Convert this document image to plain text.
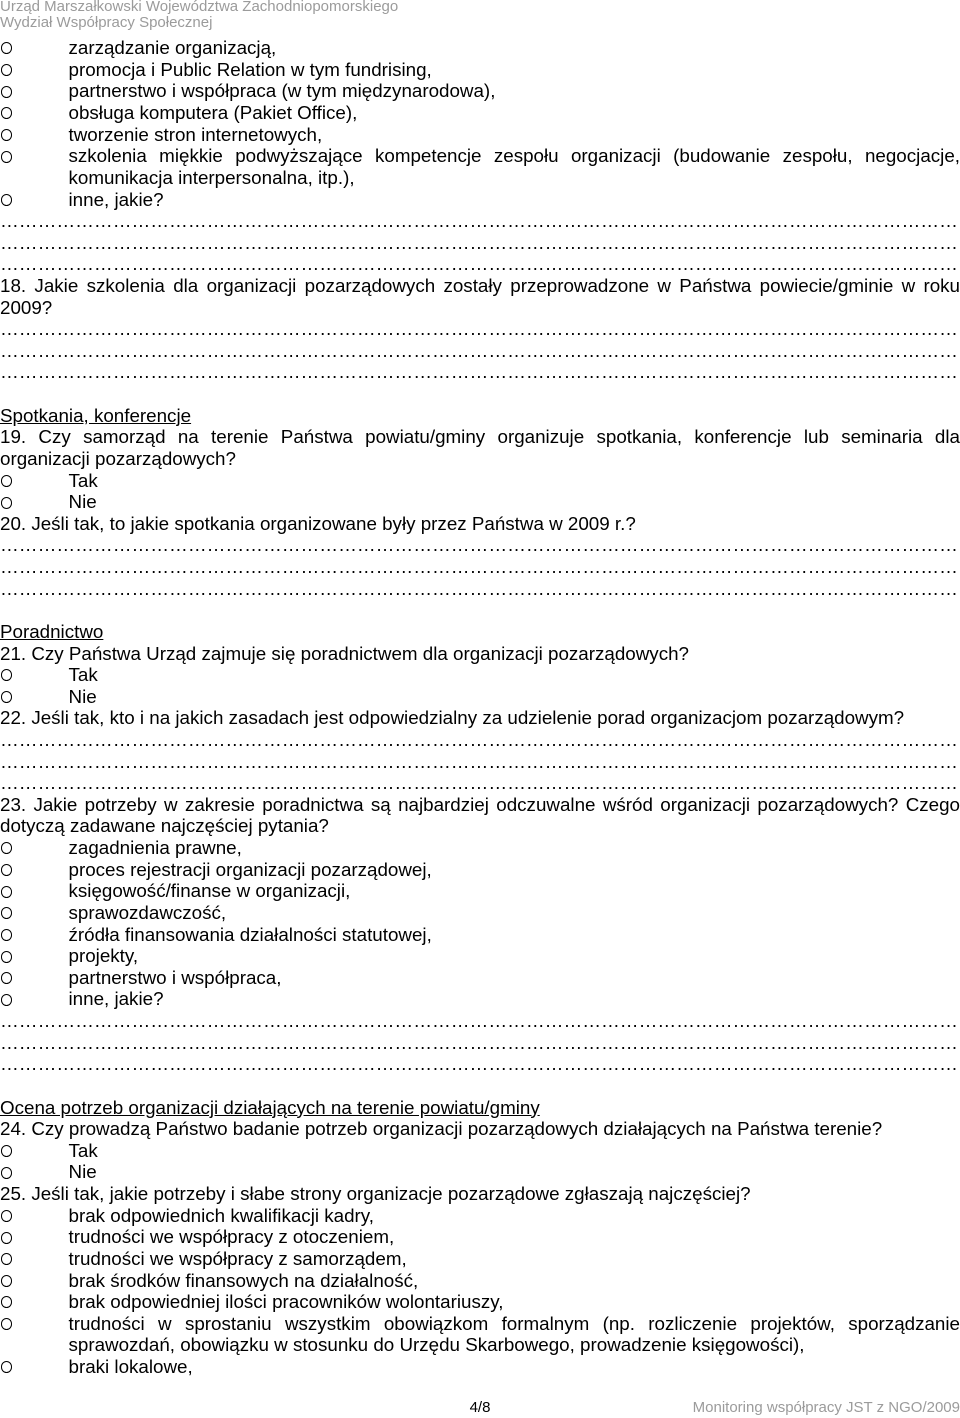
Urząd Marszałkowski Województwa Zachodniopomorskiego
Wydział Współpracy Społecznej
zarządzanie organizacją,
promocja i Public Relation w tym fundrising,
partnerstwo i współpraca (w tym międzynarodowa),
obsługa komputera (Pakiet Office),
tworzenie stron internetowych,
szkolenia miękkie podwyższające kompetencje zespołu organizacji (budowanie zespołu, negocjacje, komunikacja interpersonalna, itp.),
inne, jakie?
………………………………………………………………………………………………………………………………………
………………………………………………………………………………………………………………………………………
………………………………………………………………………………………………………………………………………
18. Jakie szkolenia dla organizacji pozarządowych zostały przeprowadzone w Państwa powiecie/gminie w roku 2009?
………………………………………………………………………………………………………………………………………
………………………………………………………………………………………………………………………………………
………………………………………………………………………………………………………………………………………
Spotkania, konferencje
19. Czy samorząd na terenie Państwa powiatu/gminy organizuje spotkania, konferencje lub seminaria dla organizacji pozarządowych?
Tak
Nie
20. Jeśli tak, to jakie spotkania organizowane były przez Państwa w 2009 r.?
………………………………………………………………………………………………………………………………………
………………………………………………………………………………………………………………………………………
………………………………………………………………………………………………………………………………………
Poradnictwo
21. Czy Państwa Urząd zajmuje się poradnictwem dla organizacji pozarządowych?
Tak
Nie
22. Jeśli tak, kto i na jakich zasadach jest odpowiedzialny za udzielenie porad organizacjom pozarządowym?
………………………………………………………………………………………………………………………………………
………………………………………………………………………………………………………………………………………
………………………………………………………………………………………………………………………………………
23. Jakie potrzeby w zakresie poradnictwa są najbardziej odczuwalne wśród organizacji pozarządowych? Czego dotyczą zadawane najczęściej pytania?
zagadnienia prawne,
proces rejestracji organizacji pozarządowej,
księgowość/finanse w organizacji,
sprawozdawczość,
źródła finansowania działalności statutowej,
projekty,
partnerstwo i współpraca,
inne, jakie?
………………………………………………………………………………………………………………………………………
………………………………………………………………………………………………………………………………………
………………………………………………………………………………………………………………………………………
Ocena potrzeb organizacji działających na terenie powiatu/gminy
24. Czy prowadzą Państwo badanie potrzeb organizacji pozarządowych działających na Państwa terenie?
Tak
Nie
25. Jeśli tak, jakie potrzeby i słabe strony organizacje pozarządowe zgłaszają najczęściej?
brak odpowiednich kwalifikacji kadry,
trudności we współpracy z otoczeniem,
trudności we współpracy z samorządem,
brak środków finansowych na działalność,
brak odpowiedniej ilości pracowników wolontariuszy,
trudności w sprostaniu wszystkim obowiązkom formalnym (np. rozliczenie projektów, sporządzanie sprawozdań, obowiązku w stosunku do Urzędu Skarbowego, prowadzenie księgowości),
braki lokalowe,
4/8	Monitoring współpracy JST z NGO/2009
